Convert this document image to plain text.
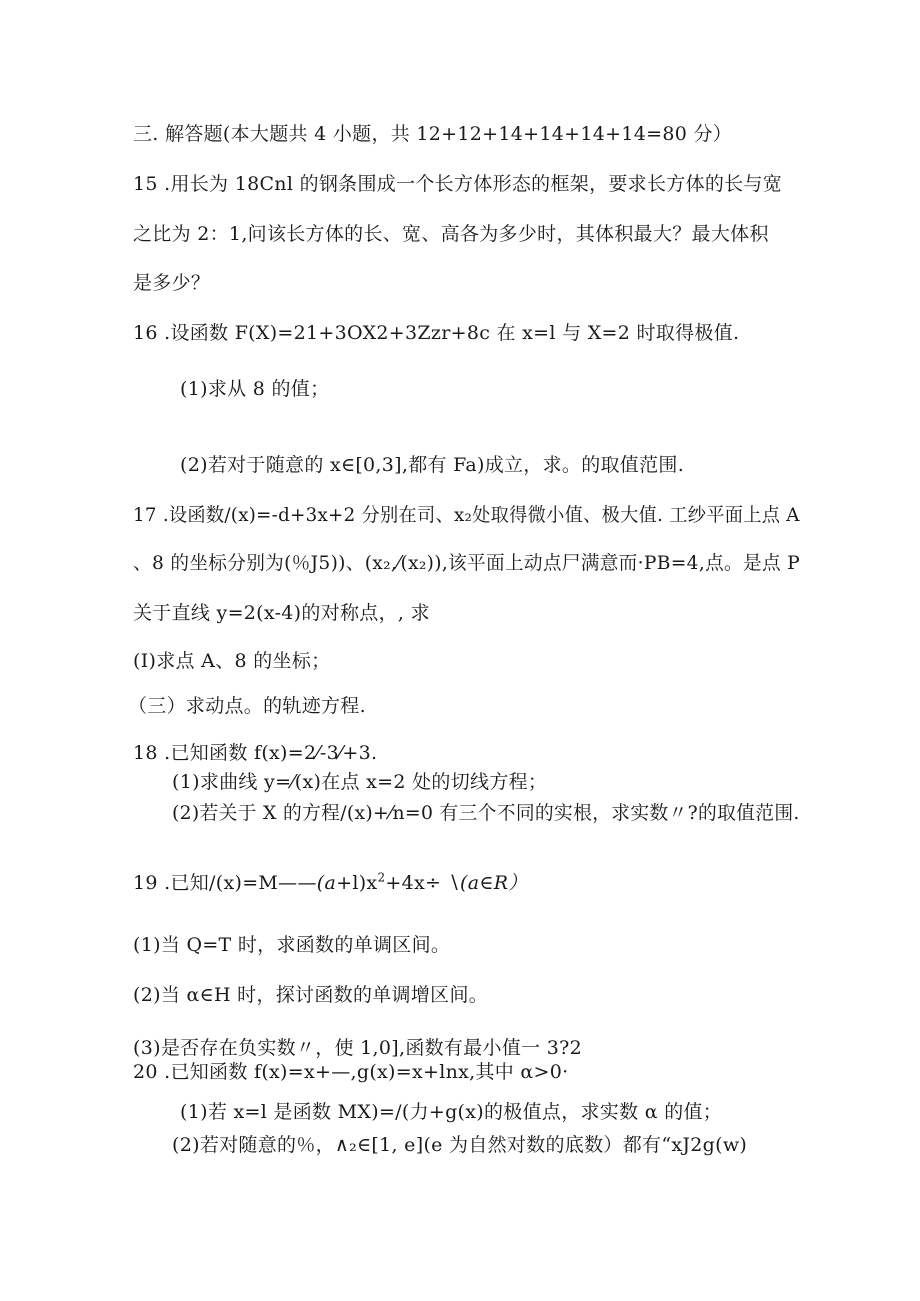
三. 解答题(本大题共 4 小题，共 12+12+14+14+14+14=80 分）
15 .用长为 18Cnl 的钢条围成一个长方体形态的框架，要求长方体的长与宽
之比为 2：1,问该长方体的长、宽、高各为多少时，其体积最大？最大体积
是多少？
16 .设函数 F(X)=21+3OX2+3Zzr+8c 在 x=l 与 X=2 时取得极值.
(1)求从 8 的值；
(2)若对于随意的 x∈[0,3],都有 Fa)成立，求。的取值范围.
17 .设函数/(x)=-d+3x+2 分别在司、x₂处取得微小值、极大值. 工纱平面上点 A
、8 的坐标分别为(％J5))、(x₂,⁄(x₂)),该平面上动点尸满意而·PB=4,点。是点 P
关于直线 y=2(x-4)的对称点，, 求
(I)求点 A、8 的坐标；
（三）求动点。的轨迹方程.
18 .已知函数 f(x)=2⁄-3⁄+3.
(1)求曲线 y=⁄(x)在点 x=2 处的切线方程；
(2)若关于 X 的方程/(x)+⁄n=0 有三个不同的实根，求实数〃?的取值范围.
19 .已知$/(x)=M——(a+l)x^2+4x\div$ ∖(a∈R）
(1)当 Q=T 时，求函数的单调区间。
(2)当 α∈H 时，探讨函数的单调增区间。
(3)是否存在负实数〃，使 1,0],函数有最小值一 3?2
20 .已知函数 f(x)=x+—,g(x)=x+lnx,其中 α>0·
(1)若 x=l 是函数 MX)=/(力+g(x)的极值点，求实数 α 的值；
(2)若对随意的％，∧₂∈[1, e](e 为自然对数的底数）都有“xJ2g(w)
